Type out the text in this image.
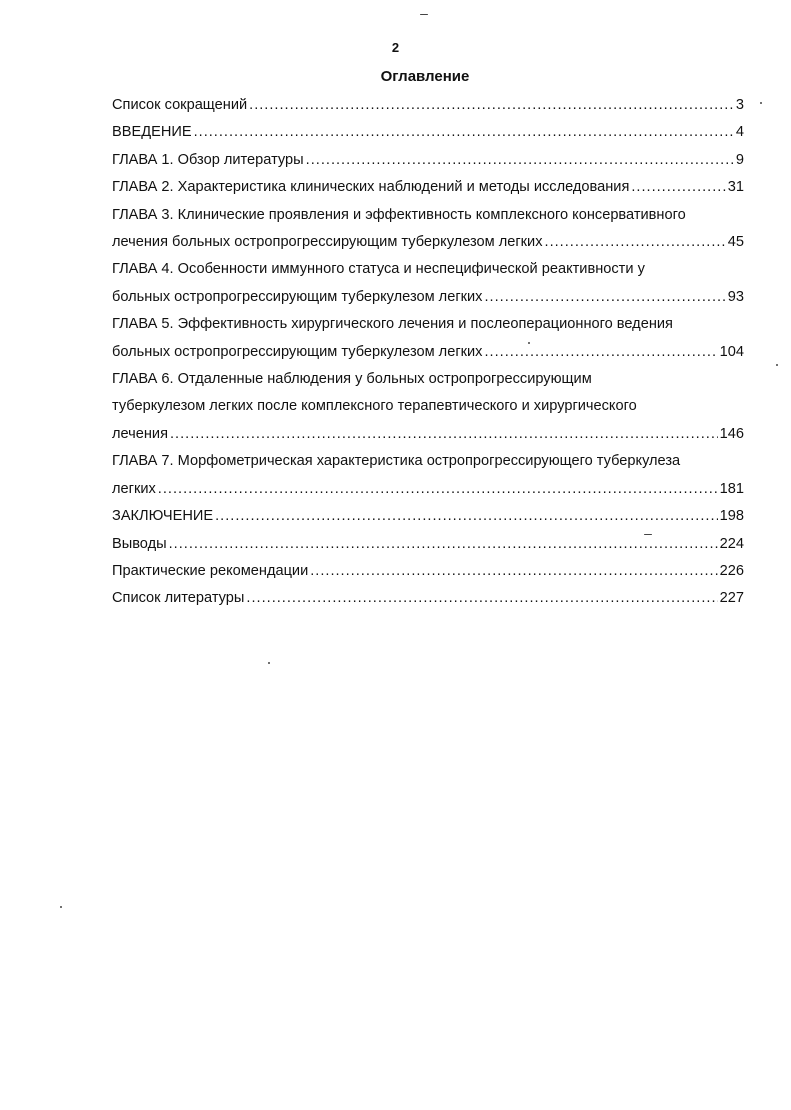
2
Оглавление
Список сокращений .....	3
ВВЕДЕНИЕ .....	4
ГЛАВА 1. Обзор литературы .....	9
ГЛАВА 2. Характеристика клинических наблюдений и методы исследования .....	31
ГЛАВА 3. Клинические проявления и эффективность комплексного консервативного
лечения больных остропрогрессирующим туберкулезом легких .....	45
ГЛАВА 4. Особенности иммунного статуса и неспецифической реактивности у
больных остропрогрессирующим туберкулезом легких .....	93
ГЛАВА 5. Эффективность хирургического лечения и послеоперационного ведения
больных остропрогрессирующим туберкулезом легких .....	104
ГЛАВА 6. Отдаленные наблюдения у больных остропрогрессирующим
туберкулезом легких после комплексного терапевтического и хирургического
лечения .....	146
ГЛАВА 7. Морфометрическая характеристика остропрогрессирующего туберкулеза
легких .....	181
ЗАКЛЮЧЕНИЕ .....	198
Выводы .....	224
Практические рекомендации .....	226
Список литературы .....	227
